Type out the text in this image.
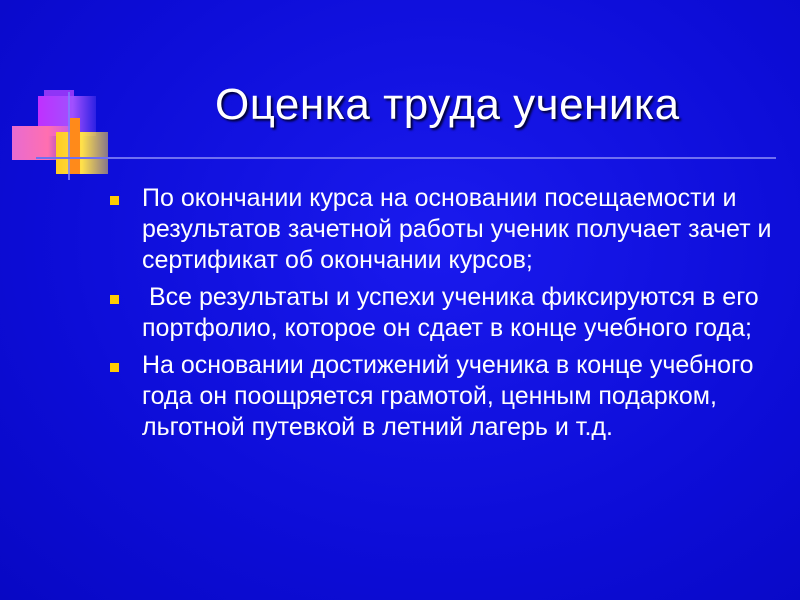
Оценка труда ученика
По окончании курса на основании посещаемости и результатов зачетной работы ученик получает зачет и сертификат об окончании курсов;
Все результаты и успехи ученика фиксируются в его портфолио, которое он сдает в конце учебного года;
На основании достижений ученика в конце учебного года он поощряется грамотой, ценным подарком, льготной путевкой в летний лагерь и т.д.
